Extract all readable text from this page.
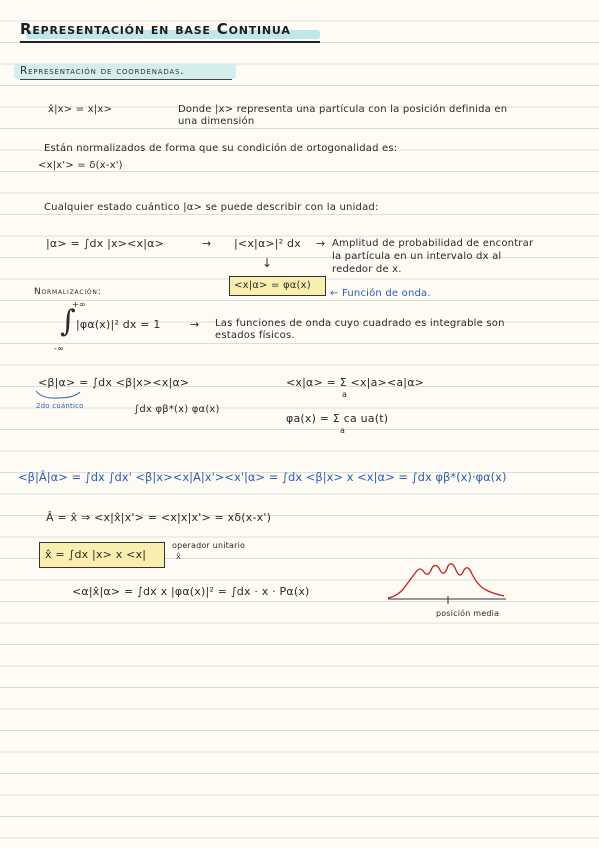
Representación en base Continua
Representación de coordenadas.
x̂|x> = x|x>	Donde |x> representa una partícula con la posición definida en
una dimensión
Están normalizados de forma que su condición de ortogonalidad es:
<x|x'> = δ(x-x')
Cualquier estado cuántico |α> se puede describir con la unidad:
|α> = ∫dx |x><x|α>	→ |<x|α>|² dx → Amplitud de probabilidad de encontrar
la partícula en un intervalo dx al
rededor de x.
↓
<x|α> = φα(x)
← Función de onda.
Normalización:
+∞
∫
-∞
|φα(x)|² dx = 1	→ Las funciones de onda cuyo cuadrado es integrable son
estados físicos.
<β|α> = ∫dx <β|x><x|α>
2do cuántico	∫dx φβ*(x) φα(x)
<x|α> = Σ <x|a><a|α>
a
φa(x) = Σ ca ua(t)
a
<β|Â|α> = ∫dx ∫dx' <β|x><x|A|x'><x'|α> = ∫dx <β|x> x <x|α> = ∫dx φβ*(x)·φα(x)
Â = x̂ ⇒ <x|x̂|x'> = <x|x|x'> = xδ(x-x')
x̂ = ∫dx |x> x <x|
operador unitario
x̂
<α|x̂|α> = ∫dx x |φα(x)|² = ∫dx · x · Pα(x)
posición media
